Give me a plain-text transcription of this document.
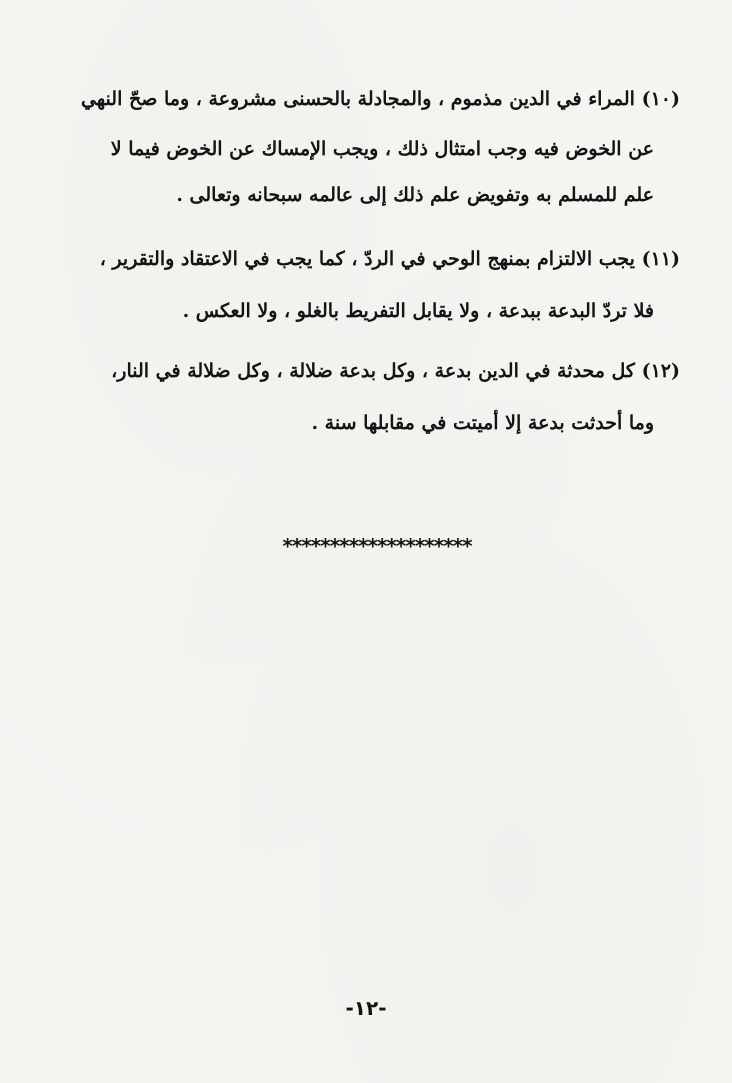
(١٠) المراء في الدين مذموم ، والمجادلة بالحسنى مشروعة ، وما صحّ النهي
عن الخوض فيه وجب امتثال ذلك ، ويجب الإمساك عن الخوض فيما لا
علم للمسلم به وتفويض علم ذلك إلى عالمه سبحانه وتعالى .
(١١) يجب الالتزام بمنهج الوحي في الردّ ، كما يجب في الاعتقاد والتقرير ،
فلا تردّ البدعة ببدعة ، ولا يقابل التفريط بالغلو ، ولا العكس .
(١٢) كل محدثة في الدين بدعة ، وكل بدعة ضلالة ، وكل ضلالة في النار،
وما أحدثت بدعة إلا أميتت في مقابلها سنة .
********************
-١٢-
